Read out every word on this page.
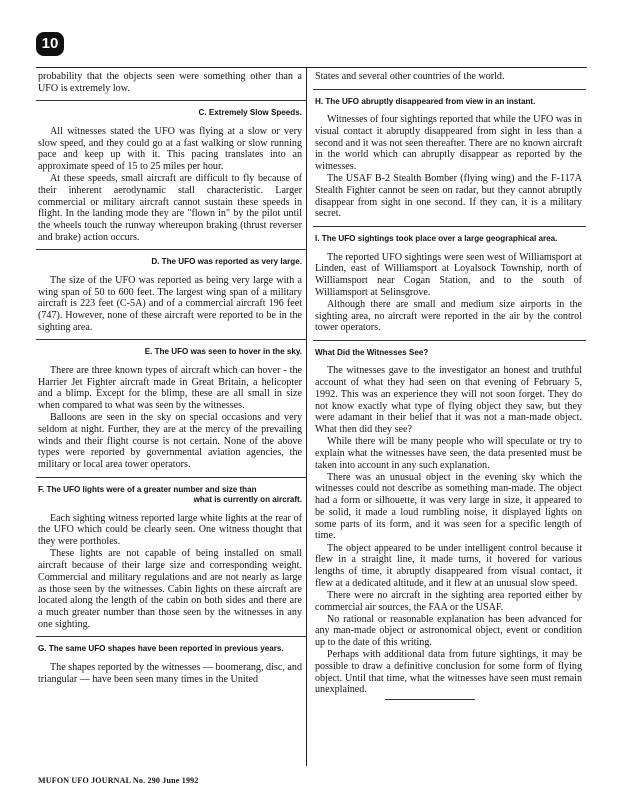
10

probability that the objects seen were something other than a UFO is extremely low.

C. Extremely Slow Speeds.

All witnesses stated the UFO was flying at a slow or very slow speed, and they could go at a fast walking or slow running pace and keep up with it. This pacing translates into an approximate speed of 15 to 25 miles per hour.

At these speeds, small aircraft are difficult to fly because of their inherent aerodynamic stall characteristic. Larger commercial or military aircraft cannot sustain these speeds in flight. In the landing mode they are "flown in" by the pilot until the wheels touch the runway whereupon braking (thrust reverser and brake) action occurs.

D. The UFO was reported as very large.

The size of the UFO was reported as being very large with a wing span of 50 to 600 feet. The largest wing span of a military aircraft is 223 feet (C-5A) and of a commercial aircraft 196 feet (747). However, none of these aircraft were reported to be in the sighting area.

E. The UFO was seen to hover in the sky.

There are three known types of aircraft which can hover - the Harrier Jet Fighter aircraft made in Great Britain, a helicopter and a blimp. Except for the blimp, these are all small in size when compared to what was seen by the witnesses.

Balloons are seen in the sky on special occasions and very seldom at night. Further, they are at the mercy of the prevailing winds and their flight course is not certain. None of the above types were reported by governmental aviation agencies, the military or local area tower operators.

F. The UFO lights were of a greater number and size than
what is currently on aircraft.

Each sighting witness reported large white lights at the rear of the UFO which could be clearly seen. One witness thought that they were portholes.

These lights are not capable of being installed on small aircraft because of their large size and corresponding weight. Commercial and military regulations and are not nearly as large as those seen by the witnesses. Cabin lights on these aircraft are located along the length of the cabin on both sides and there are a much greater number than those seen by the witnesses in any one sighting.

G. The same UFO shapes have been reported in previous years.

The shapes reported by the witnesses — boomerang, disc, and triangular — have been seen many times in the United

States and several other countries of the world.

H. The UFO abruptly disappeared from view in an instant.

Witnesses of four sightings reported that while the UFO was in visual contact it abruptly disappeared from sight in less than a second and it was not seen thereafter. There are no known aircraft in the world which can abruptly disappear as reported by the witnesses.

The USAF B-2 Stealth Bomber (flying wing) and the F-117A Stealth Fighter cannot be seen on radar, but they cannot abruptly disappear from sight in one second. If they can, it is a military secret.

I. The UFO sightings took place over a large geographical area.

The reported UFO sightings were seen west of Williamsport at Linden, east of Williamsport at Loyalsock Township, north of Williamsport near Cogan Station, and to the south of Williamsport at Selinsgrove.

Although there are small and medium size airports in the sighting area, no aircraft were reported in the air by the control tower operators.

What Did the Witnesses See?

The witnesses gave to the investigator an honest and truthful account of what they had seen on that evening of February 5, 1992. This was an experience they will not soon forget. They do not know exactly what type of flying object they saw, but they were adamant in their belief that it was not a man-made object. What then did they see?

While there will be many people who will speculate or try to explain what the witnesses have seen, the data presented must be taken into account in any such explanation.

There was an unusual object in the evening sky which the witnesses could not describe as something man-made. The object had a form or silhouette, it was very large in size, it appeared to be solid, it made a loud rumbling noise, it displayed lights on some parts of its form, and it was seen for a specific length of time.

The object appeared to be under intelligent control because it flew in a straight line, it made turns, it hovered for various lengths of time, it abruptly disappeared from visual contact, it flew at a dedicated altitude, and it flew at an unusual slow speed.

There were no aircraft in the sighting area reported either by commercial air sources, the FAA or the USAF.

No rational or reasonable explanation has been advanced for any man-made object or astronomical object, event or condition up to the date of this writing.

Perhaps with additional data from future sightings, it may be possible to draw a definitive conclusion for some form of flying object. Until that time, what the witnesses have seen must remain unexplained.

MUFON UFO JOURNAL No. 290 June 1992
